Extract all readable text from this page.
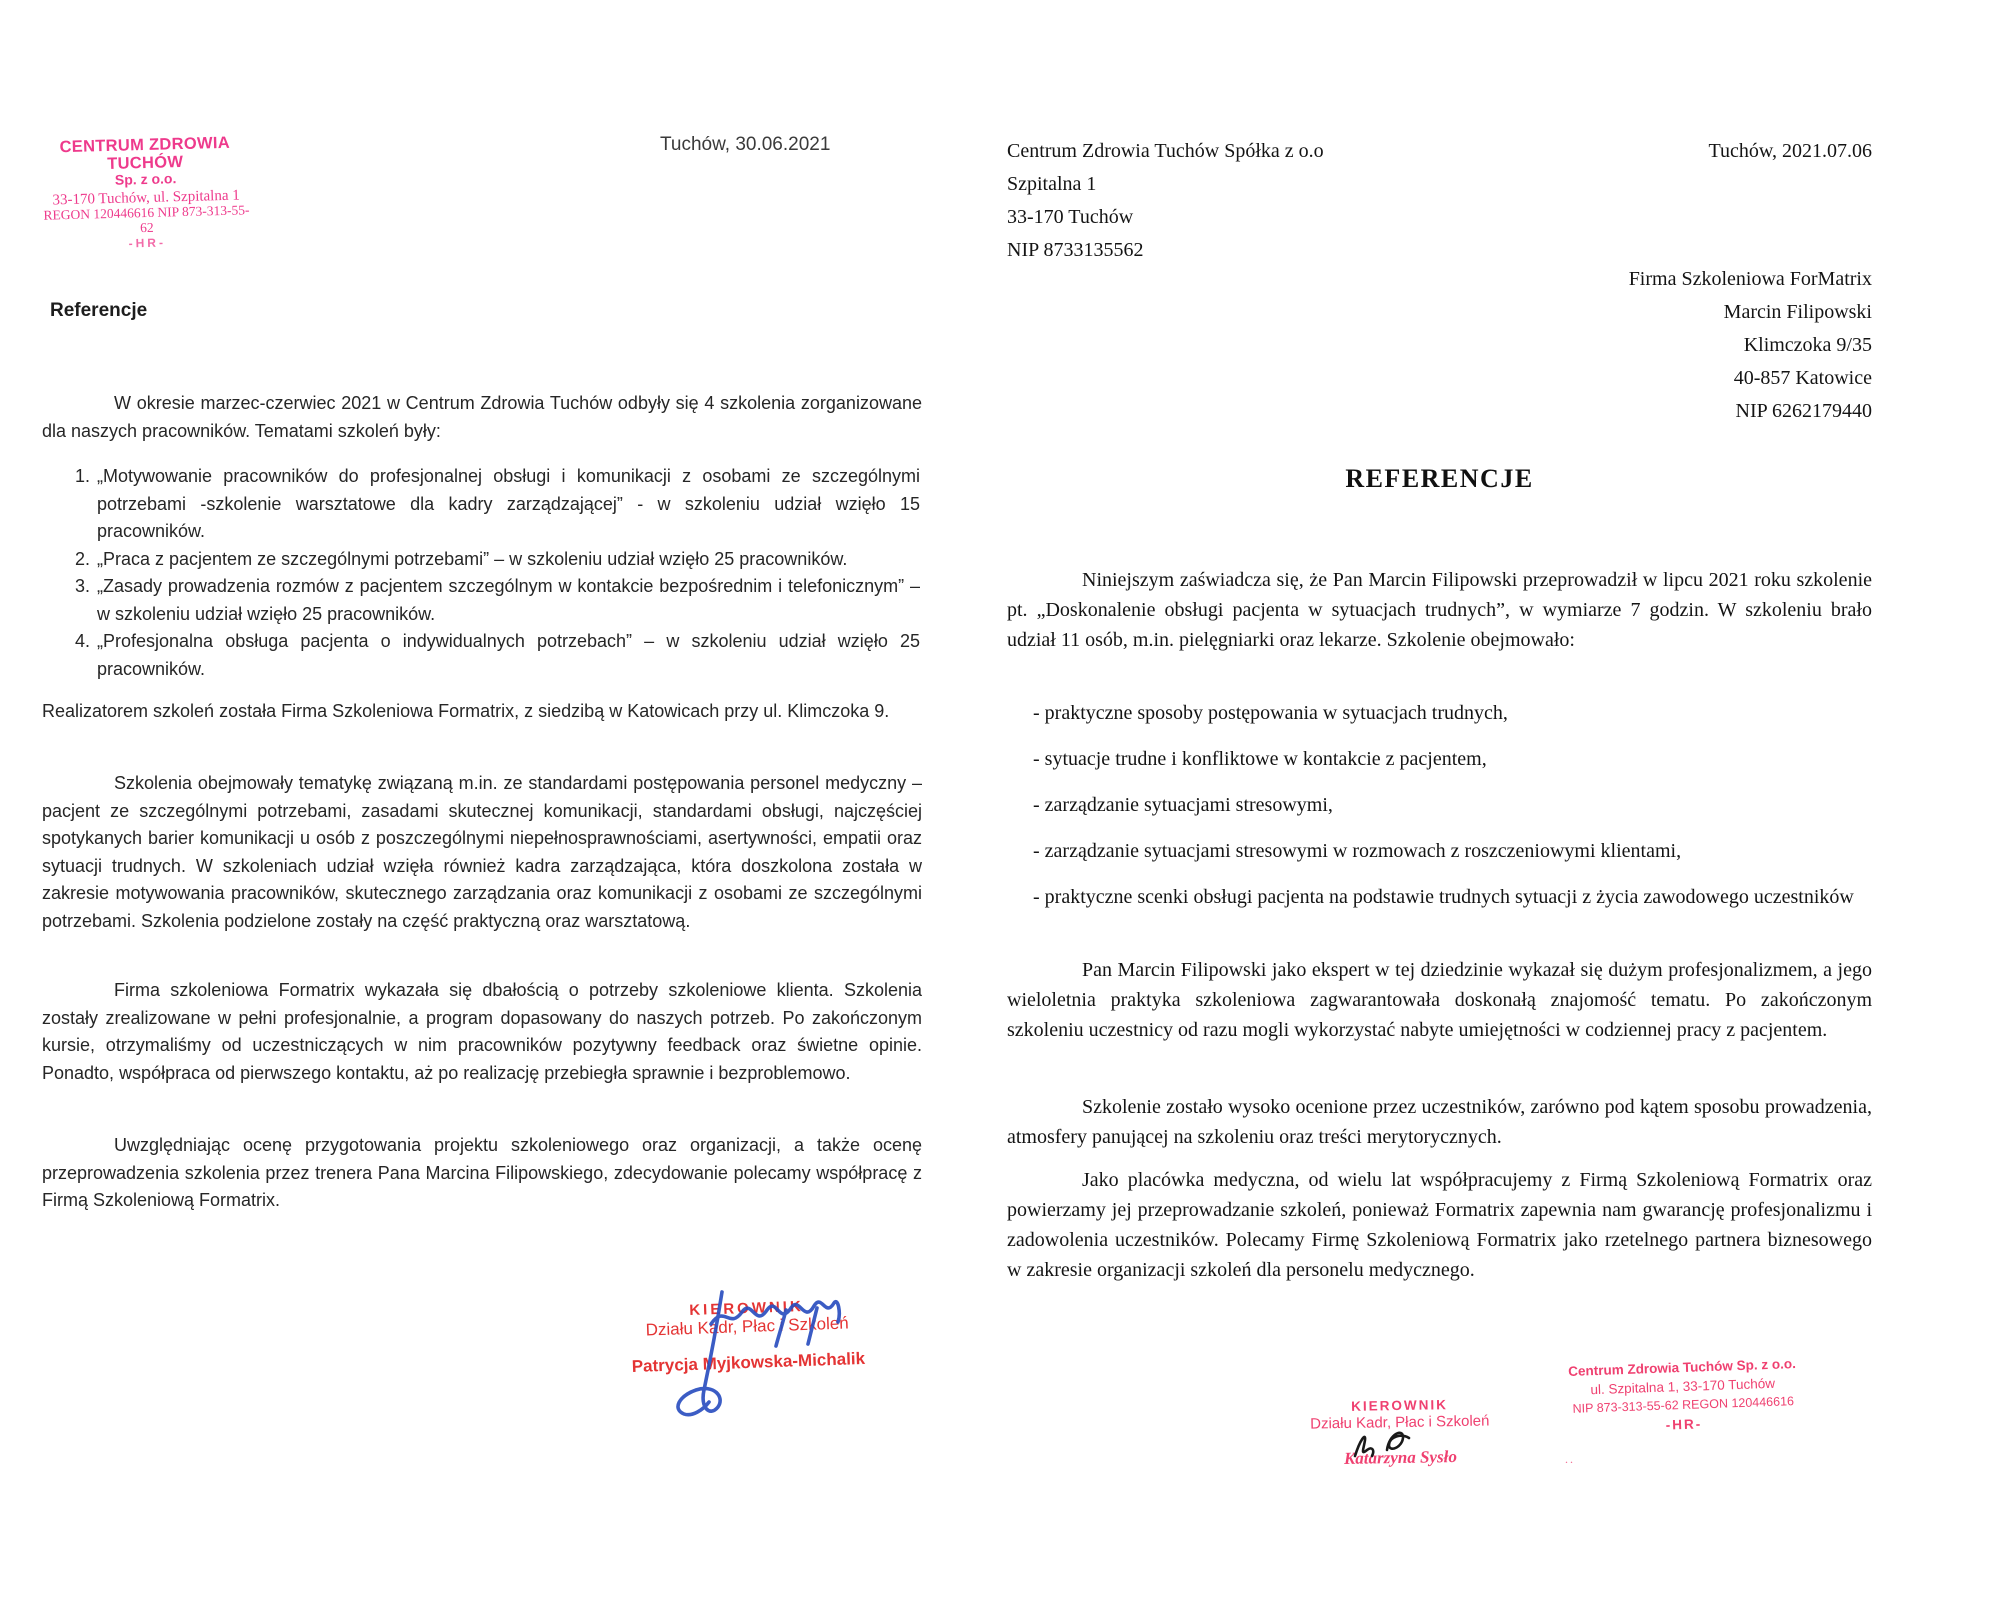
CENTRUM ZDROWIA TUCHÓW
Sp. z o.o.
33-170 Tuchów, ul. Szpitalna 1
REGON 120446616 NIP 873-313-55-62
-HR-
Tuchów, 30.06.2021
Referencje
W okresie marzec-czerwiec 2021 w Centrum Zdrowia Tuchów odbyły się 4 szkolenia zorganizowane dla naszych pracowników. Tematami szkoleń były:
1. „Motywowanie pracowników do profesjonalnej obsługi i komunikacji z osobami ze szczególnymi potrzebami -szkolenie warsztatowe dla kadry zarządzającej” - w szkoleniu udział wzięło 15 pracowników.
2. „Praca z pacjentem ze szczególnymi potrzebami” – w szkoleniu udział wzięło 25 pracowników.
3. „Zasady prowadzenia rozmów z pacjentem szczególnym w kontakcie bezpośrednim i telefonicznym” – w szkoleniu udział wzięło 25 pracowników.
4. „Profesjonalna obsługa pacjenta o indywidualnych potrzebach” – w szkoleniu udział wzięło 25 pracowników.
Realizatorem szkoleń została Firma Szkoleniowa Formatrix, z siedzibą w Katowicach przy ul. Klimczoka 9.
Szkolenia obejmowały tematykę związaną m.in. ze standardami postępowania personel medyczny – pacjent ze szczególnymi potrzebami, zasadami skutecznej komunikacji, standardami obsługi, najczęściej spotykanych barier komunikacji u osób z poszczególnymi niepełnosprawnościami, asertywności, empatii oraz sytuacji trudnych. W szkoleniach udział wzięła również kadra zarządzająca, która doszkolona została w zakresie motywowania pracowników, skutecznego zarządzania oraz komunikacji z osobami ze szczególnymi potrzebami. Szkolenia podzielone zostały na część praktyczną oraz warsztatową.
Firma szkoleniowa Formatrix wykazała się dbałością o potrzeby szkoleniowe klienta. Szkolenia zostały zrealizowane w pełni profesjonalnie, a program dopasowany do naszych potrzeb. Po zakończonym kursie, otrzymaliśmy od uczestniczących w nim pracowników pozytywny feedback oraz świetne opinie. Ponadto, współpraca od pierwszego kontaktu, aż po realizację przebiegła sprawnie i bezproblemowo.
Uwzględniając ocenę przygotowania projektu szkoleniowego oraz organizacji, a także ocenę przeprowadzenia szkolenia przez trenera Pana Marcina Filipowskiego, zdecydowanie polecamy współpracę z Firmą Szkoleniową Formatrix.
KIEROWNIK
Działu Kadr, Płac i Szkoleń
Patrycja Myjkowska-Michalik
Centrum Zdrowia Tuchów Spółka z o.o
Szpitalna 1
33-170 Tuchów
NIP 8733135562
Tuchów, 2021.07.06
Firma Szkoleniowa ForMatrix
Marcin Filipowski
Klimczoka 9/35
40-857 Katowice
NIP 6262179440
REFERENCJE
Niniejszym zaświadcza się, że Pan Marcin Filipowski przeprowadził w lipcu 2021 roku szkolenie pt. „Doskonalenie obsługi pacjenta w sytuacjach trudnych”, w wymiarze 7 godzin. W szkoleniu brało udział 11 osób, m.in. pielęgniarki oraz lekarze. Szkolenie obejmowało:

- praktyczne sposoby postępowania w sytuacjach trudnych,

- sytuacje trudne i konfliktowe w kontakcie z pacjentem,

- zarządzanie sytuacjami stresowymi,

- zarządzanie sytuacjami stresowymi w rozmowach z roszczeniowymi klientami,

- praktyczne scenki obsługi pacjenta na podstawie trudnych sytuacji z życia zawodowego uczestników

Pan Marcin Filipowski jako ekspert w tej dziedzinie wykazał się dużym profesjonalizmem, a jego wieloletnia praktyka szkoleniowa zagwarantowała doskonałą znajomość tematu. Po zakończonym szkoleniu uczestnicy od razu mogli wykorzystać nabyte umiejętności w codziennej pracy z pacjentem.
Szkolenie zostało wysoko ocenione przez uczestników, zarówno pod kątem sposobu prowadzenia, atmosfery panującej na szkoleniu oraz treści merytorycznych.
Jako placówka medyczna, od wielu lat współpracujemy z Firmą Szkoleniową Formatrix oraz powierzamy jej przeprowadzanie szkoleń, ponieważ Formatrix zapewnia nam gwarancję profesjonalizmu i zadowolenia uczestników. Polecamy Firmę Szkoleniową Formatrix jako rzetelnego partnera biznesowego w zakresie organizacji szkoleń dla personelu medycznego.
KIEROWNIK
Działu Kadr, Płac i Szkoleń
Katarzyna Sysło
Centrum Zdrowia Tuchów Sp. z o.o.
ul. Szpitalna 1, 33-170 Tuchów
NIP 873-313-55-62 REGON 120446616
-HR-
..
